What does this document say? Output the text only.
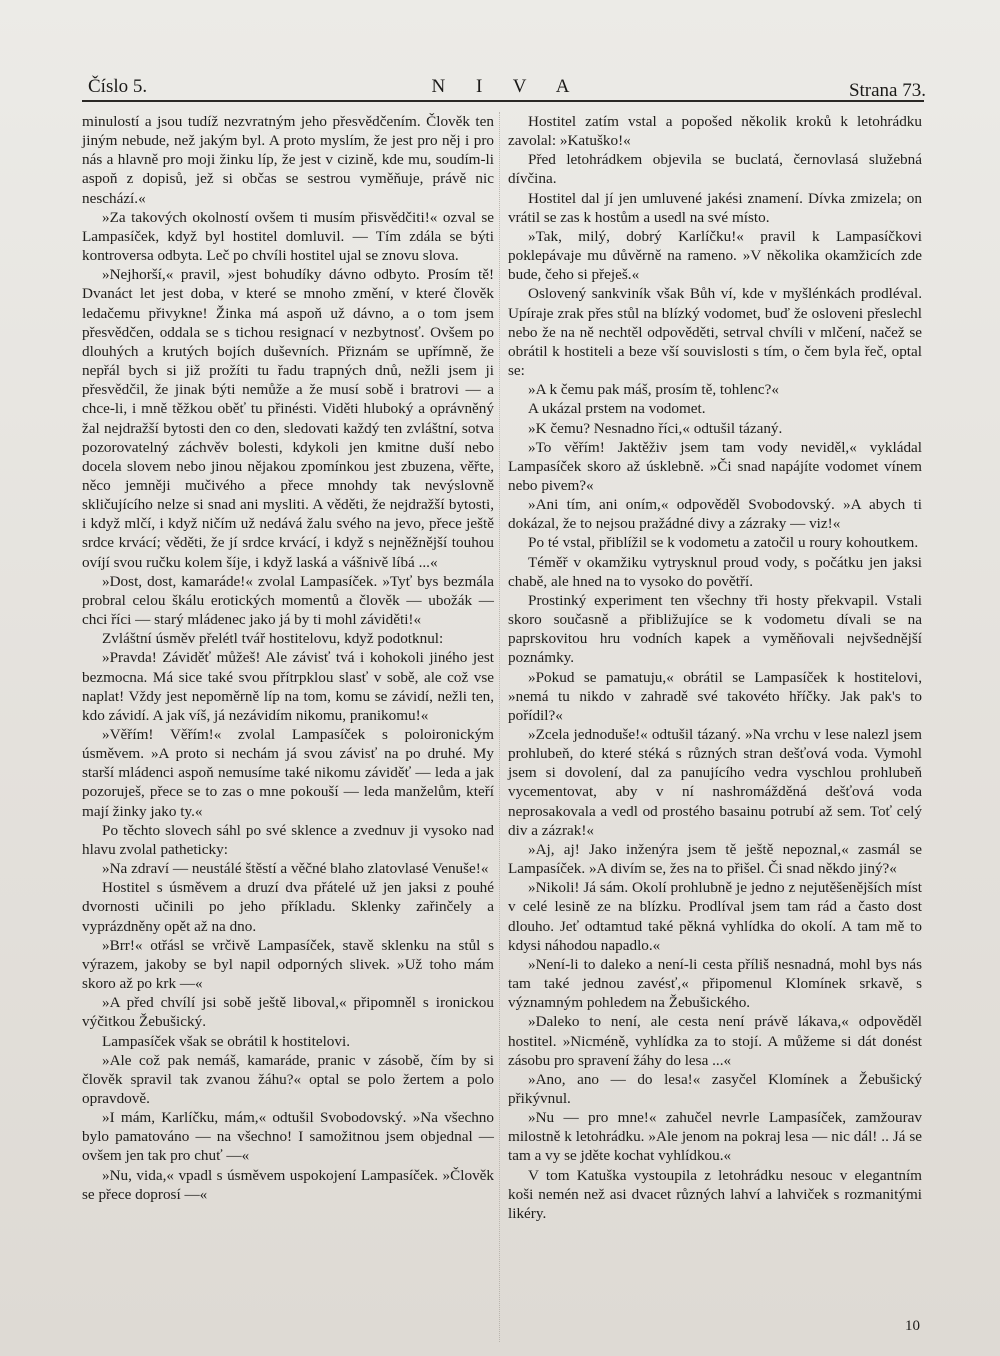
Číslo 5.	N I V A	Strana 73.

minulostí a jsou tudíž nezvratným jeho přesvědčením. Člověk ten jiným nebude, než jakým byl. A proto myslím, že jest pro něj i pro nás a hlavně pro moji žinku líp, že jest v cizině, kde mu, soudím-li aspoň z dopisů, jež si občas se sestrou vyměňuje, právě nic neschází.«

»Za takových okolností ovšem ti musím přisvědčiti!« ozval se Lampasíček, když byl hostitel domluvil. — Tím zdála se býti kontroversa odbyta. Leč po chvíli hostitel ujal se znovu slova.

»Nejhorší,« pravil, »jest bohudíky dávno odbyto. Prosím tě! Dvanáct let jest doba, v které se mnoho změní, v které člověk ledačemu přivykne! Žinka má aspoň už dávno, a o tom jsem přesvědčen, oddala se s tichou resignací v nezbytnosť. Ovšem po dlouhých a krutých bojích duševních. Přiznám se upřímně, že nepřál bych si již prožíti tu řadu trapných dnů, nežli jsem ji přesvědčil, že jinak býti nemůže a že musí sobě i bratrovi — a chce-li, i mně těžkou oběť tu přinésti. Viděti hluboký a oprávněný žal nejdražší bytosti den co den, sledovati každý ten zvláštní, sotva pozorovatelný záchvěv bolesti, kdykoli jen kmitne duší nebo docela slovem nebo jinou nějakou zpomínkou jest zbuzena, věřte, něco jemněji mučivého a přece mnohdy tak nevýslovně skličujícího nelze si snad ani mysliti. A věděti, že nejdražší bytosti, i když mlčí, i když ničím už nedává žalu svého na jevo, přece ještě srdce krvácí; věděti, že jí srdce krvácí, i když s nejněžnější touhou ovíjí svou ručku kolem šíje, i když laská a vášnivě líbá ...«

»Dost, dost, kamaráde!« zvolal Lampasíček. »Tyť bys bezmála probral celou škálu erotických momentů a člověk — ubožák — chci říci — starý mládenec jako já by ti mohl záviděti!«

Zvláštní úsměv přelétl tvář hostitelovu, když podotknul:

»Pravda! Záviděť můžeš! Ale závisť tvá i kohokoli jiného jest bezmocna. Má sice také svou přítrpklou slasť v sobě, ale což vse naplat! Vždy jest nepoměrně líp na tom, komu se závidí, nežli ten, kdo závidí. A jak víš, já nezávidím nikomu, pranikomu!«

»Věřím! Věřím!« zvolal Lampasíček s poloironickým úsměvem. »A proto si nechám já svou závisť na po druhé. My starší mládenci aspoň nemusíme také nikomu záviděť — leda a jak pozoruješ, přece se to zas o mne pokouší — leda manželům, kteří mají žinky jako ty.«

Po těchto slovech sáhl po své sklence a zvednuv ji vysoko nad hlavu zvolal patheticky:

»Na zdraví — neustálé štěstí a věčné blaho zlatovlasé Venuše!«

Hostitel s úsměvem a druzí dva přátelé už jen jaksi z pouhé dvornosti učinili po jeho příkladu. Sklenky zařinčely a vyprázdněny opět až na dno.

»Brr!« otřásl se vrčivě Lampasíček, stavě sklenku na stůl s výrazem, jakoby se byl napil odporných slivek. »Už toho mám skoro až po krk —«

»A před chvílí jsi sobě ještě liboval,« připomněl s ironickou výčitkou Žebušický.

Lampasíček však se obrátil k hostitelovi.

»Ale což pak nemáš, kamaráde, pranic v zásobě, čím by si člověk spravil tak zvanou žáhu?« optal se polo žertem a polo opravdově.

»I mám, Karlíčku, mám,« odtušil Svobodovský. »Na všechno bylo pamatováno — na všechno! I samožitnou jsem objednal — ovšem jen tak pro chuť —«

»Nu, vida,« vpadl s úsměvem uspokojení Lampasíček. »Člověk se přece doprosí —«

Hostitel zatím vstal a popošed několik kroků k letohrádku zavolal: »Katuško!«

Před letohrádkem objevila se buclatá, černovlasá služebná dívčina.

Hostitel dal jí jen umluvené jakési znamení. Dívka zmizela; on vrátil se zas k hostům a usedl na své místo.

»Tak, milý, dobrý Karlíčku!« pravil k Lampasíčkovi poklepávaje mu důvěrně na rameno. »V několika okamžicích zde bude, čeho si přeješ.«

Oslovený sankviník však Bůh ví, kde v myšlénkách prodléval. Upíraje zrak přes stůl na blízký vodomet, buď že osloveni přeslechl nebo že na ně nechtěl odpověděti, setrval chvíli v mlčení, načež se obrátil k hostiteli a beze vší souvislosti s tím, o čem byla řeč, optal se:

»A k čemu pak máš, prosím tě, tohlenc?«

A ukázal prstem na vodomet.

»K čemu? Nesnadno říci,« odtušil tázaný.

»To věřím! Jaktěživ jsem tam vody neviděl,« vykládal Lampasíček skoro až úsklebně. »Či snad napájíte vodomet vínem nebo pivem?«

»Ani tím, ani oním,« odpověděl Svobodovský. »A abych ti dokázal, že to nejsou pražádné divy a zázraky — viz!«

Po té vstal, přiblížil se k vodometu a zatočil u roury kohoutkem.

Téměř v okamžiku vytrysknul proud vody, s počátku jen jaksi chabě, ale hned na to vysoko do povětří.

Prostinký experiment ten všechny tři hosty překvapil. Vstali skoro současně a přibližujíce se k vodometu dívali se na paprskovitou hru vodních kapek a vyměňovali nejvšednější poznámky.

»Pokud se pamatuju,« obrátil se Lampasíček k hostitelovi, »nemá tu nikdo v zahradě své takovéto hříčky. Jak pak's to pořídil?«

»Zcela jednoduše!« odtušil tázaný. »Na vrchu v lese nalezl jsem prohlubeň, do které stéká s různých stran dešťová voda. Vymohl jsem si dovolení, dal za panujícího vedra vyschlou prohlubeň vycementovat, aby v ní nashromážděná dešťová voda neprosakovala a vedl od prostého basainu potrubí až sem. Toť celý div a zázrak!«

»Aj, aj! Jako inženýra jsem tě ještě nepoznal,« zasmál se Lampasíček. »A divím se, žes na to přišel. Či snad někdo jiný?«

»Nikoli! Já sám. Okolí prohlubně je jedno z nejutěšenějších míst v celé lesině ze na blízku. Prodlíval jsem tam rád a často dost dlouho. Jeť odtamtud také pěkná vyhlídka do okolí. A tam mě to kdysi náhodou napadlo.«

»Není-li to daleko a není-li cesta příliš nesnadná, mohl bys nás tam také jednou zavésť,« připomenul Klomínek srkavě, s významným pohledem na Žebušického.

»Daleko to není, ale cesta není právě lákava,« odpověděl hostitel. »Nicméně, vyhlídka za to stojí. A můžeme si dát donést zásobu pro spravení žáhy do lesa ...«

»Ano, ano — do lesa!« zasyčel Klomínek a Žebušický přikývnul.

»Nu — pro mne!« zahučel nevrle Lampasíček, zamžourav milostně k letohrádku. »Ale jenom na pokraj lesa — nic dál! .. Já se tam a vy se jděte kochat vyhlídkou.«

V tom Katuška vystoupila z letohrádku nesouc v elegantním koši nemén než asi dvacet různých lahví a lahviček s rozmanitými likéry.

10
